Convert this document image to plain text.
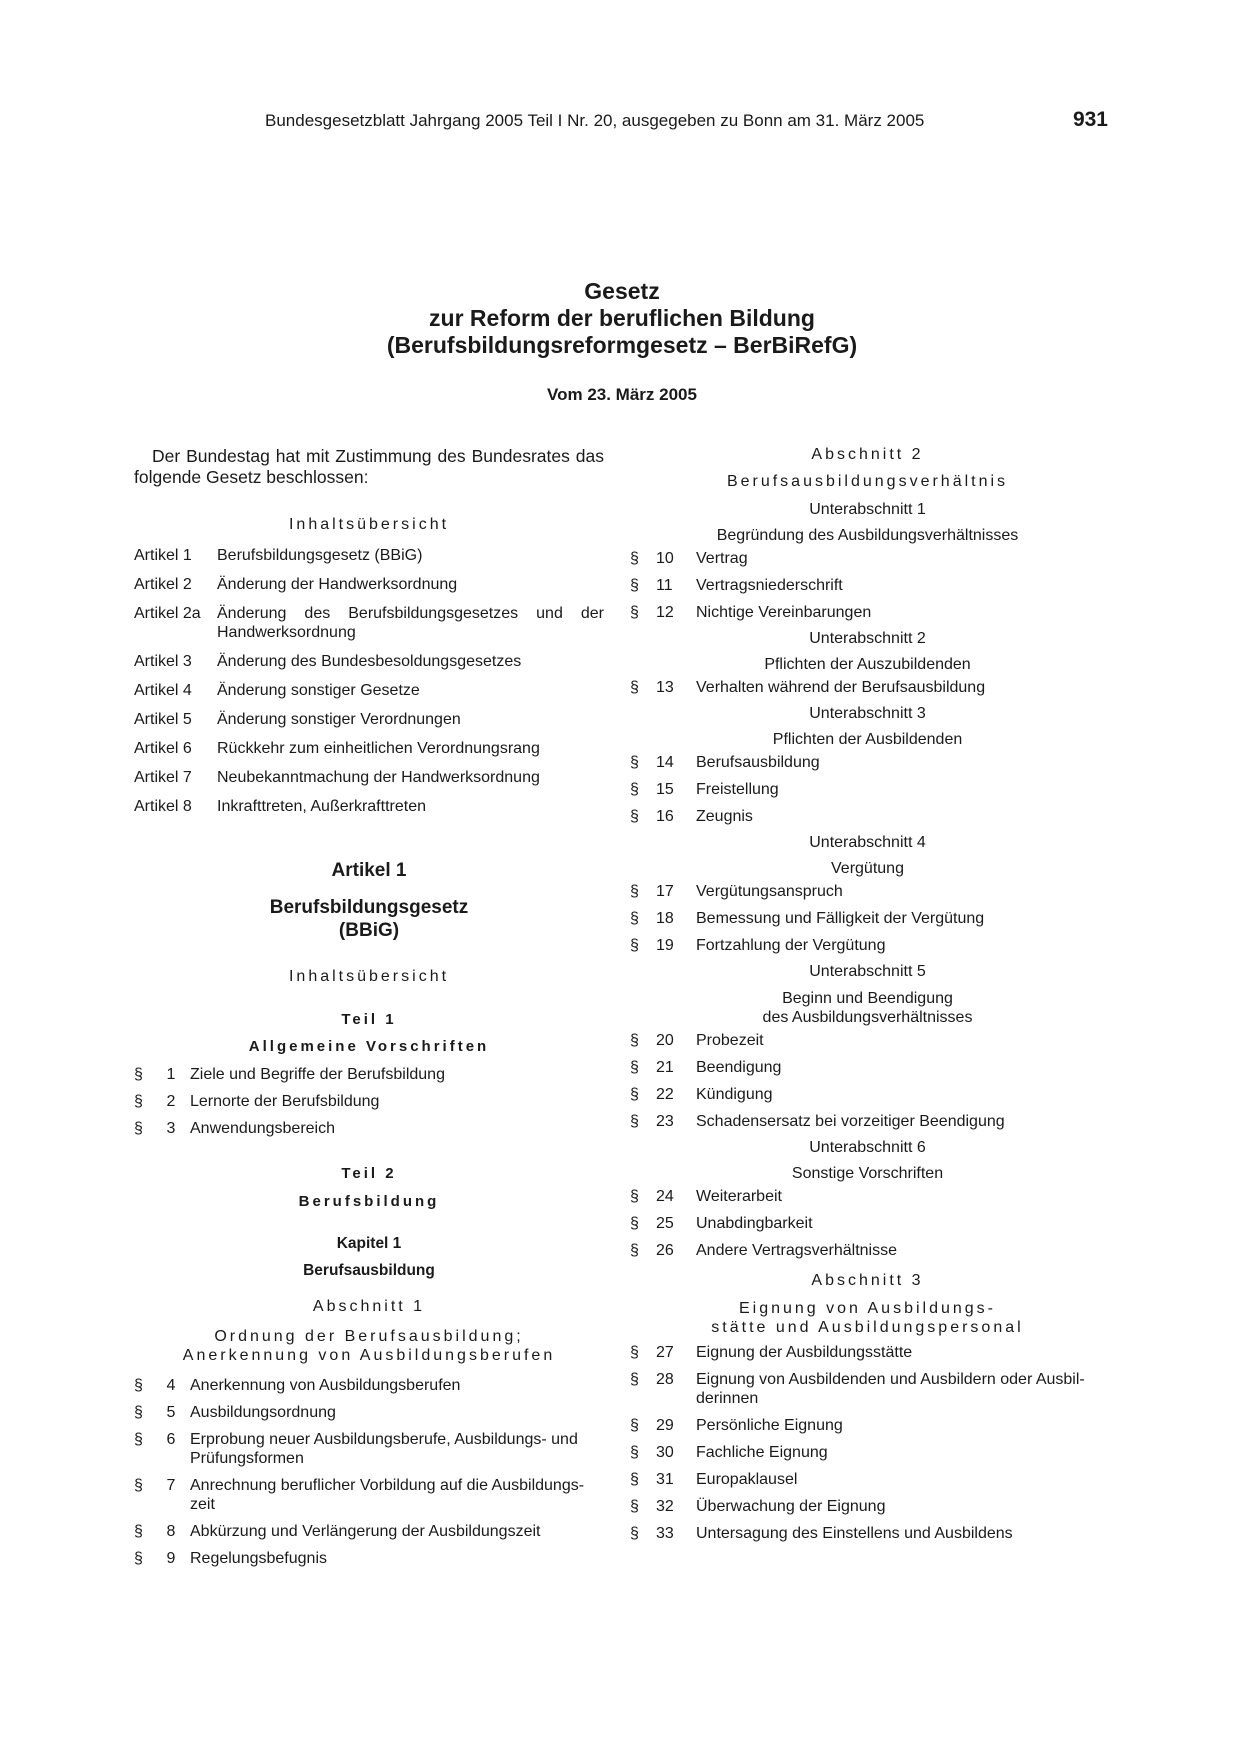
Bundesgesetzblatt Jahrgang 2005 Teil I Nr. 20, ausgegeben zu Bonn am 31. März 2005	931
Gesetz
zur Reform der beruflichen Bildung
(Berufsbildungsreformgesetz – BerBiRefG)
Vom 23. März 2005

Der Bundestag hat mit Zustimmung des Bundesrates das folgende Gesetz beschlossen:

Inhaltsübersicht
Artikel 1	Berufsbildungsgesetz (BBiG)
Artikel 2	Änderung der Handwerksordnung
Artikel 2a	Änderung des Berufsbildungsgesetzes und der Handwerksordnung
Artikel 3	Änderung des Bundesbesoldungsgesetzes
Artikel 4	Änderung sonstiger Gesetze
Artikel 5	Änderung sonstiger Verordnungen
Artikel 6	Rückkehr zum einheitlichen Verordnungsrang
Artikel 7	Neubekanntmachung der Handwerksordnung
Artikel 8	Inkrafttreten, Außerkrafttreten
Artikel 1
Berufsbildungsgesetz
(BBiG)
Inhaltsübersicht
Teil 1
Allgemeine Vorschriften
§	1 Ziele und Begriffe der Berufsbildung
§	2 Lernorte der Berufsbildung
§	3 Anwendungsbereich
Teil 2
Berufsbildung
Kapitel 1
Berufsausbildung
Abschnitt 1
Ordnung der Berufsausbildung;
Anerkennung von Ausbildungsberufen
§	4 Anerkennung von Ausbildungsberufen
§	5 Ausbildungsordnung
§	6 Erprobung neuer Ausbildungsberufe, Ausbildungs- und Prüfungsformen
§	7 Anrechnung beruflicher Vorbildung auf die Ausbildungs-zeit
§	8 Abkürzung und Verlängerung der Ausbildungszeit
§	9 Regelungsbefugnis
Abschnitt 2
Berufsausbildungsverhältnis
Unterabschnitt 1
Begründung des Ausbildungsverhältnisses
§	10	Vertrag
§	11	Vertragsniederschrift
§	12	Nichtige Vereinbarungen
Unterabschnitt 2
Pflichten der Auszubildenden
§	13	Verhalten während der Berufsausbildung
Unterabschnitt 3
Pflichten der Ausbildenden
§	14	Berufsausbildung
§	15	Freistellung
§	16	Zeugnis
Unterabschnitt 4
Vergütung
§	17	Vergütungsanspruch
§	18	Bemessung und Fälligkeit der Vergütung
§	19	Fortzahlung der Vergütung
Unterabschnitt 5
Beginn und Beendigung
des Ausbildungsverhältnisses
§	20	Probezeit
§	21	Beendigung
§	22	Kündigung
§	23	Schadensersatz bei vorzeitiger Beendigung
Unterabschnitt 6
Sonstige Vorschriften
§	24	Weiterarbeit
§	25	Unabdingbarkeit
§	26	Andere Vertragsverhältnisse
Abschnitt 3
Eignung von Ausbildungs-
stätte und Ausbildungspersonal
§	27	Eignung der Ausbildungsstätte
§	28	Eignung von Ausbildenden und Ausbildern oder Ausbil-derinnen
§	29	Persönliche Eignung
§	30	Fachliche Eignung
§	31	Europaklausel
§	32	Überwachung der Eignung
§	33	Untersagung des Einstellens und Ausbildens
